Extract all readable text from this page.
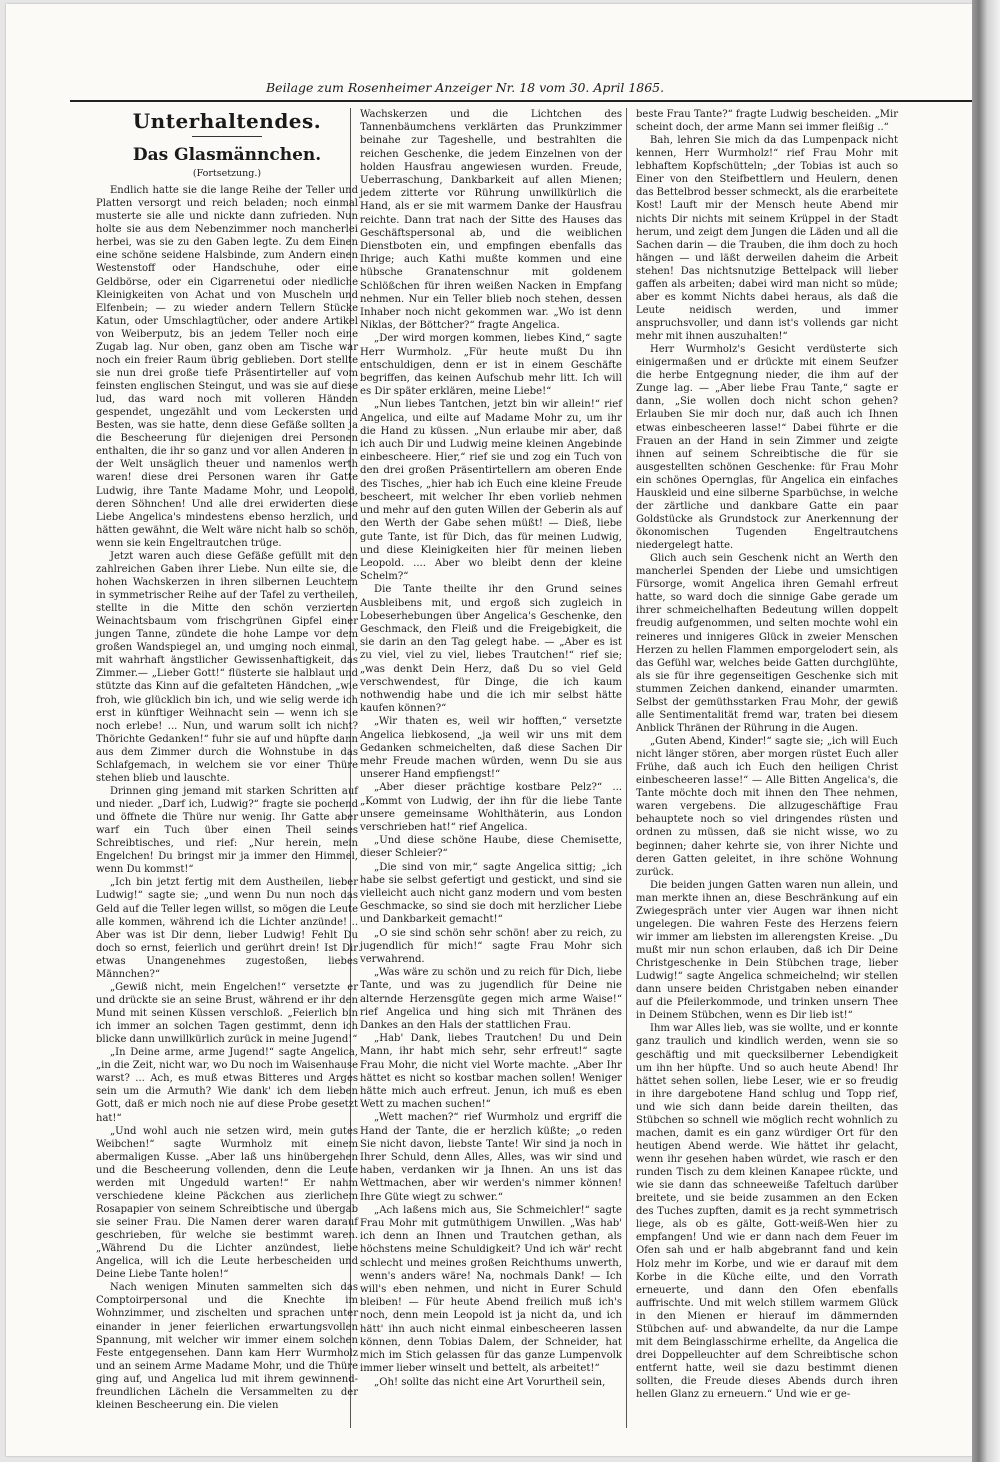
Beilage zum Rosenheimer Anzeiger Nr. 18 vom 30. April 1865.
Unterhaltendes.
Das Glasmännchen.
(Fortsetzung.)

Endlich hatte sie die lange Reihe der Teller und Platten versorgt und reich beladen; noch einmal musterte sie alle und nickte dann zufrieden. Nun holte sie aus dem Nebenzimmer noch mancherlei herbei, was sie zu den Gaben legte. Zu dem Einen eine schöne seidene Halsbinde, zum Andern einen Westenstoff oder Handschuhe, oder eine Geldbörse, oder ein Cigarrenetui oder niedliche Kleinigkeiten von Achat und von Muscheln und Elfenbein; — zu wieder andern Tellern Stücke Katun, oder Umschlagtücher, oder andere Artikel von Weiberputz, bis an jedem Teller noch eine Zugab lag. Nur oben, ganz oben am Tische war noch ein freier Raum übrig geblieben. Dort stellte sie nun drei große tiefe Präsentirteller auf vom feinsten englischen Steingut, und was sie auf diese lud, das ward noch mit volleren Händen gespendet, ungezählt und vom Leckersten und Besten, was sie hatte, denn diese Gefäße sollten ja die Bescheerung für diejenigen drei Personen enthalten, die ihr so ganz und vor allen Anderen in der Welt unsäglich theuer und namenlos werth waren! diese drei Personen waren ihr Gatte Ludwig, ihre Tante Madame Mohr, und Leopold, deren Söhnchen! Und alle drei erwiderten diese Liebe Angelica's mindestens ebenso herzlich, und hätten gewähnt, die Welt wäre nicht halb so schön, wenn sie kein Engeltrautchen trüge.

Jetzt waren auch diese Gefäße gefüllt mit den zahlreichen Gaben ihrer Liebe. Nun eilte sie, die hohen Wachskerzen in ihren silbernen Leuchtern in symmetrischer Reihe auf der Tafel zu vertheilen, stellte in die Mitte den schön verzierten Weinachtsbaum vom frischgrünen Gipfel einer jungen Tanne, zündete die hohe Lampe vor dem großen Wandspiegel an, und umging noch einmal, mit wahrhaft ängstlicher Gewissenhaftigkeit, das Zimmer.— „Lieber Gott!“ flüsterte sie halblaut und stützte das Kinn auf die gefalteten Händchen, „wie froh, wie glücklich bin ich, und wie selig werde ich erst in künftiger Weihnacht sein — wenn ich sie noch erlebe! ... Nun, und warum sollt ich nicht? Thörichte Gedanken!“ fuhr sie auf und hüpfte dann aus dem Zimmer durch die Wohnstube in das Schlafgemach, in welchem sie vor einer Thüre stehen blieb und lauschte.

Drinnen ging jemand mit starken Schritten auf und nieder. „Darf ich, Ludwig?“ fragte sie pochend und öffnete die Thüre nur wenig. Ihr Gatte aber warf ein Tuch über einen Theil seines Schreibtisches, und rief: „Nur herein, mein Engelchen! Du bringst mir ja immer den Himmel, wenn Du kommst!“

„Ich bin jetzt fertig mit dem Austheilen, lieber Ludwig!“ sagte sie; „und wenn Du nun noch das Geld auf die Teller legen willst, so mögen die Leute alle kommen, während ich die Lichter anzünde! .. Aber was ist Dir denn, lieber Ludwig! Fehlt Du doch so ernst, feierlich und gerührt drein! Ist Dir etwas Unangenehmes zugestoßen, liebes Männchen?“

„Gewiß nicht, mein Engelchen!“ versetzte er und drückte sie an seine Brust, während er ihr den Mund mit seinen Küssen verschloß. „Feierlich bin ich immer an solchen Tagen gestimmt, denn ich blicke dann unwillkürlich zurück in meine Jugend!“

„In Deine arme, arme Jugend!“ sagte Angelica, „in die Zeit, nicht war, wo Du noch im Waisenhause warst? ... Ach, es muß etwas Bitteres und Arges sein um die Armuth? Wie dank' ich dem lieben Gott, daß er mich noch nie auf diese Probe gesetzt hat!“

„Und wohl auch nie setzen wird, mein gutes Weibchen!“ sagte Wurmholz mit einem abermaligen Kusse. „Aber laß uns hinübergehen und die Bescheerung vollenden, denn die Leute werden mit Ungeduld warten!“ Er nahm verschiedene kleine Päckchen aus zierlichem Rosapapier von seinem Schreibtische und übergab sie seiner Frau. Die Namen derer waren darauf geschrieben, für welche sie bestimmt waren. „Während Du die Lichter anzündest, liebe Angelica, will ich die Leute herbescheiden und Deine Liebe Tante holen!“

Nach wenigen Minuten sammelten sich das Comptoirpersonal und die Knechte im Wohnzimmer, und zischelten und sprachen unter einander in jener feierlichen erwartungsvollen Spannung, mit welcher wir immer einem solchen Feste entgegensehen. Dann kam Herr Wurmholz und an seinem Arme Madame Mohr, und die Thüre ging auf, und Angelica lud mit ihrem gewinnend-freundlichen Lächeln die Versammelten zu der kleinen Bescheerung ein. Die vielen

Wachskerzen und die Lichtchen des Tannenbäumchens verklärten das Prunkzimmer beinahe zur Tageshelle, und bestrahlten die reichen Geschenke, die jedem Einzelnen von der holden Hausfrau angewiesen wurden. Freude, Ueberraschung, Dankbarkeit auf allen Mienen; jedem zitterte vor Rührung unwillkürlich die Hand, als er sie mit warmem Danke der Hausfrau reichte. Dann trat nach der Sitte des Hauses das Geschäftspersonal ab, und die weiblichen Dienstboten ein, und empfingen ebenfalls das Ihrige; auch Kathi mußte kommen und eine hübsche Granatenschnur mit goldenem Schlößchen für ihren weißen Nacken in Empfang nehmen. Nur ein Teller blieb noch stehen, dessen Inhaber noch nicht gekommen war. „Wo ist denn Niklas, der Böttcher?“ fragte Angelica.

„Der wird morgen kommen, liebes Kind,“ sagte Herr Wurmholz. „Für heute mußt Du ihn entschuldigen, denn er ist in einem Geschäfte begriffen, das keinen Aufschub mehr litt. Ich will es Dir später erklären, meine Liebe!“

„Nun liebes Tantchen, jetzt bin wir allein!“ rief Angelica, und eilte auf Madame Mohr zu, um ihr die Hand zu küssen. „Nun erlaube mir aber, daß ich auch Dir und Ludwig meine kleinen Angebinde einbescheere. Hier,“ rief sie und zog ein Tuch von den drei großen Präsentirtellern am oberen Ende des Tisches, „hier hab ich Euch eine kleine Freude bescheert, mit welcher Ihr eben vorlieb nehmen und mehr auf den guten Willen der Geberin als auf den Werth der Gabe sehen müßt! — Dieß, liebe gute Tante, ist für Dich, das für meinen Ludwig, und diese Kleinigkeiten hier für meinen lieben Leopold. .... Aber wo bleibt denn der kleine Schelm?“

Die Tante theilte ihr den Grund seines Ausbleibens mit, und ergoß sich zugleich in Lobeserhebungen über Angelica's Geschenke, den Geschmack, den Fleiß und die Freigebigkeit, die sie darin an den Tag gelegt habe. — „Aber es ist zu viel, viel zu viel, liebes Trautchen!“ rief sie; „was denkt Dein Herz, daß Du so viel Geld verschwendest, für Dinge, die ich kaum nothwendig habe und die ich mir selbst hätte kaufen können?“

„Wir thaten es, weil wir hofften,“ versetzte Angelica liebkosend, „ja weil wir uns mit dem Gedanken schmeichelten, daß diese Sachen Dir mehr Freude machen würden, wenn Du sie aus unserer Hand empfiengst!“

„Aber dieser prächtige kostbare Pelz?“ ... „Kommt von Ludwig, der ihn für die liebe Tante unsere gemeinsame Wohlthäterin, aus London verschrieben hat!“ rief Angelica.

„Und diese schöne Haube, diese Chemisette, dieser Schleier?“

„Die sind von mir,“ sagte Angelica sittig; „ich habe sie selbst gefertigt und gestickt, und sind sie vielleicht auch nicht ganz modern und vom besten Geschmacke, so sind sie doch mit herzlicher Liebe und Dankbarkeit gemacht!“

„O sie sind schön sehr schön! aber zu reich, zu jugendlich für mich!“ sagte Frau Mohr sich verwahrend.

„Was wäre zu schön und zu reich für Dich, liebe Tante, und was zu jugendlich für Deine nie alternde Herzensgüte gegen mich arme Waise!“ rief Angelica und hing sich mit Thränen des Dankes an den Hals der stattlichen Frau.

„Hab' Dank, liebes Trautchen! Du und Dein Mann, ihr habt mich sehr, sehr erfreut!“ sagte Frau Mohr, die nicht viel Worte machte. „Aber Ihr hättet es nicht so kostbar machen sollen! Weniger hätte mich auch erfreut. Jenun, ich muß es eben Wett zu machen suchen!“

„Wett machen?“ rief Wurmholz und ergriff die Hand der Tante, die er herzlich küßte; „o reden Sie nicht davon, liebste Tante! Wir sind ja noch in Ihrer Schuld, denn Alles, Alles, was wir sind und haben, verdanken wir ja Ihnen. An uns ist das Wettmachen, aber wir werden's nimmer können! Ihre Güte wiegt zu schwer.“

„Ach laßens mich aus, Sie Schmeichler!“ sagte Frau Mohr mit gutmüthigem Unwillen. „Was hab' ich denn an Ihnen und Trautchen gethan, als höchstens meine Schuldigkeit? Und ich wär' recht schlecht und meines großen Reichthums unwerth, wenn's anders wäre! Na, nochmals Dank! — Ich will's eben nehmen, und nicht in Eurer Schuld bleiben! — Für heute Abend freilich muß ich's noch, denn mein Leopold ist ja nicht da, und ich hätt' ihn auch nicht einmal einbescheeren lassen können, denn Tobias Dalem, der Schneider, hat mich im Stich gelassen für das ganze Lumpenvolk immer lieber winselt und bettelt, als arbeitet!“

„Oh! sollte das nicht eine Art Vorurtheil sein,

beste Frau Tante?“ fragte Ludwig bescheiden. „Mir scheint doch, der arme Mann sei immer fleißig ..“

Bah, lehren Sie mich da das Lumpenpack nicht kennen, Herr Wurmholz!“ rief Frau Mohr mit lebhaftem Kopfschütteln; „der Tobias ist auch so Einer von den Steifbettlern und Heulern, denen das Bettelbrod besser schmeckt, als die erarbeitete Kost! Lauft mir der Mensch heute Abend mir nichts Dir nichts mit seinem Krüppel in der Stadt herum, und zeigt dem Jungen die Läden und all die Sachen darin — die Trauben, die ihm doch zu hoch hängen — und läßt derweilen daheim die Arbeit stehen! Das nichtsnutzige Bettelpack will lieber gaffen als arbeiten; dabei wird man nicht so müde; aber es kommt Nichts dabei heraus, als daß die Leute neidisch werden, und immer anspruchsvoller, und dann ist's vollends gar nicht mehr mit ihnen auszuhalten!“

Herr Wurmholz's Gesicht verdüsterte sich einigermaßen und er drückte mit einem Seufzer die herbe Entgegnung nieder, die ihm auf der Zunge lag. — „Aber liebe Frau Tante,“ sagte er dann, „Sie wollen doch nicht schon gehen? Erlauben Sie mir doch nur, daß auch ich Ihnen etwas einbescheeren lasse!“ Dabei führte er die Frauen an der Hand in sein Zimmer und zeigte ihnen auf seinem Schreibtische die für sie ausgestellten schönen Geschenke: für Frau Mohr ein schönes Opernglas, für Angelica ein einfaches Hauskleid und eine silberne Sparbüchse, in welche der zärtliche und dankbare Gatte ein paar Goldstücke als Grundstock zur Anerkennung der ökonomischen Tugenden Engeltrautchens niedergelegt hatte.

Glich auch sein Geschenk nicht an Werth den mancherlei Spenden der Liebe und umsichtigen Fürsorge, womit Angelica ihren Gemahl erfreut hatte, so ward doch die sinnige Gabe gerade um ihrer schmeichelhaften Bedeutung willen doppelt freudig aufgenommen, und selten mochte wohl ein reineres und innigeres Glück in zweier Menschen Herzen zu hellen Flammen emporgelodert sein, als das Gefühl war, welches beide Gatten durchglühte, als sie für ihre gegenseitigen Geschenke sich mit stummen Zeichen dankend, einander umarmten. Selbst der gemüthsstarken Frau Mohr, der gewiß alle Sentimentalität fremd war, traten bei diesem Anblick Thränen der Rührung in die Augen.

„Guten Abend, Kinder!“ sagte sie; „ich will Euch nicht länger stören, aber morgen rüstet Euch aller Frühe, daß auch ich Euch den heiligen Christ einbescheeren lasse!“ — Alle Bitten Angelica's, die Tante möchte doch mit ihnen den Thee nehmen, waren vergebens. Die allzugeschäftige Frau behauptete noch so viel dringendes rüsten und ordnen zu müssen, daß sie nicht wisse, wo zu beginnen; daher kehrte sie, von ihrer Nichte und deren Gatten geleitet, in ihre schöne Wohnung zurück.

Die beiden jungen Gatten waren nun allein, und man merkte ihnen an, diese Beschränkung auf ein Zwiegespräch unter vier Augen war ihnen nicht ungelegen. Die wahren Feste des Herzens feiern wir immer am liebsten im allerengsten Kreise. „Du mußt mir nun schon erlauben, daß ich Dir Deine Christgeschenke in Dein Stübchen trage, lieber Ludwig!“ sagte Angelica schmeichelnd; wir stellen dann unsere beiden Christgaben neben einander auf die Pfeilerkommode, und trinken unsern Thee in Deinem Stübchen, wenn es Dir lieb ist!“

Ihm war Alles lieb, was sie wollte, und er konnte ganz traulich und kindlich werden, wenn sie so geschäftig und mit quecksilberner Lebendigkeit um ihn her hüpfte. Und so auch heute Abend! Ihr hättet sehen sollen, liebe Leser, wie er so freudig in ihre dargebotene Hand schlug und Topp rief, und wie sich dann beide darein theilten, das Stübchen so schnell wie möglich recht wohnlich zu machen, damit es ein ganz würdiger Ort für den heutigen Abend werde. Wie hättet ihr gelacht, wenn ihr gesehen haben würdet, wie rasch er den runden Tisch zu dem kleinen Kanapee rückte, und wie sie dann das schneeweiße Tafeltuch darüber breitete, und sie beide zusammen an den Ecken des Tuches zupften, damit es ja recht symmetrisch liege, als ob es gälte, Gott-weiß-Wen hier zu empfangen! Und wie er dann nach dem Feuer im Ofen sah und er halb abgebrannt fand und kein Holz mehr im Korbe, und wie er darauf mit dem Korbe in die Küche eilte, und den Vorrath erneuerte, und dann den Ofen ebenfalls auffrischte. Und mit welch stillem warmem Glück in den Mienen er hierauf im dämmernden Stübchen auf- und abwandelte, da nur die Lampe mit dem Beinglasschirme erhellte, da Angelica die drei Doppelleuchter auf dem Schreibtische schon entfernt hatte, weil sie dazu bestimmt dienen sollten, die Freude dieses Abends durch ihren hellen Glanz zu erneuern.“ Und wie er ge-
